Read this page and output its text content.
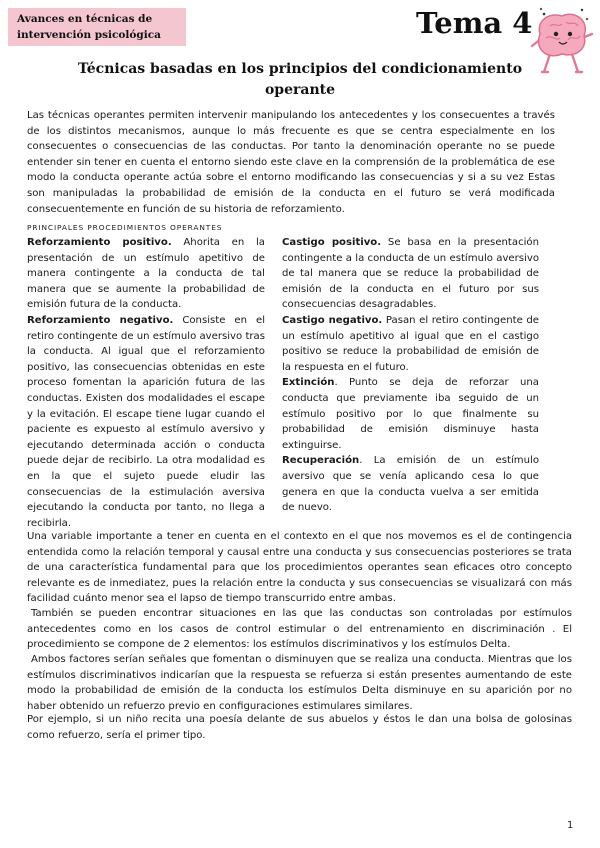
Avances en técnicas de
intervención psicológica	Tema 4
Técnicas basadas en los principios del condicionamiento
operante

Las técnicas operantes permiten intervenir manipulando los antecedentes y los consecuentes a través de los distintos mecanismos, aunque lo más frecuente es que se centra especialmente en los consecuentes o consecuencias de las conductas. Por tanto la denominación operante no se puede entender sin tener en cuenta el entorno siendo este clave en la comprensión de la problemática de ese modo la conducta operante actúa sobre el entorno modificando las consecuencias y si a su vez Estas son manipuladas la probabilidad de emisión de la conducta en el futuro se verá modificada consecuentemente en función de su historia de reforzamiento.

PRINCIPALES PROCEDIMIENTOS OPERANTES

Reforzamiento positivo. Ahorita en la presentación de un estímulo apetitivo de manera contingente a la conducta de tal manera que se aumente la probabilidad de emisión futura de la conducta.

Reforzamiento negativo. Consiste en el retiro contingente de un estímulo aversivo tras la conducta. Al igual que el reforzamiento positivo, las consecuencias obtenidas en este proceso fomentan la aparición futura de las conductas. Existen dos modalidades el escape y la evitación. El escape tiene lugar cuando el paciente es expuesto al estímulo aversivo y ejecutando determinada acción o conducta puede dejar de recibirlo. La otra modalidad es en la que el sujeto puede eludir las consecuencias de la estimulación aversiva ejecutando la conducta por tanto, no llega a recibirla.

Castigo positivo. Se basa en la presentación contingente a la conducta de un estímulo aversivo de tal manera que se reduce la probabilidad de emisión de la conducta en el futuro por sus consecuencias desagradables.

Castigo negativo. Pasan el retiro contingente de un estímulo apetitivo al igual que en el castigo positivo se reduce la probabilidad de emisión de la respuesta en el futuro.

Extinción. Punto se deja de reforzar una conducta que previamente iba seguido de un estímulo positivo por lo que finalmente su probabilidad de emisión disminuye hasta extinguirse.

Recuperación. La emisión de un estímulo aversivo que se venía aplicando cesa lo que genera en que la conducta vuelva a ser emitida de nuevo.

Una variable importante a tener en cuenta en el contexto en el que nos movemos es el de contingencia entendida como la relación temporal y causal entre una conducta y sus consecuencias posteriores se trata de una característica fundamental para que los procedimientos operantes sean eficaces otro concepto relevante es de inmediatez, pues la relación entre la conducta y sus consecuencias se visualizará con más facilidad cuánto menor sea el lapso de tiempo transcurrido entre ambas.

También se pueden encontrar situaciones en las que las conductas son controladas por estímulos antecedentes como en los casos de control estimular o del entrenamiento en discriminación . El procedimiento se compone de 2 elementos: los estímulos discriminativos y los estímulos Delta.

Ambos factores serían señales que fomentan o disminuyen que se realiza una conducta. Mientras que los estímulos discriminativos indicarían que la respuesta se refuerza si están presentes aumentando de este modo la probabilidad de emisión de la conducta los estímulos Delta disminuye en su aparición por no haber obtenido un refuerzo previo en configuraciones estimulares similares.

Por ejemplo, si un niño recita una poesía delante de sus abuelos y éstos le dan una bolsa de golosinas como refuerzo, sería el primer tipo.

1
